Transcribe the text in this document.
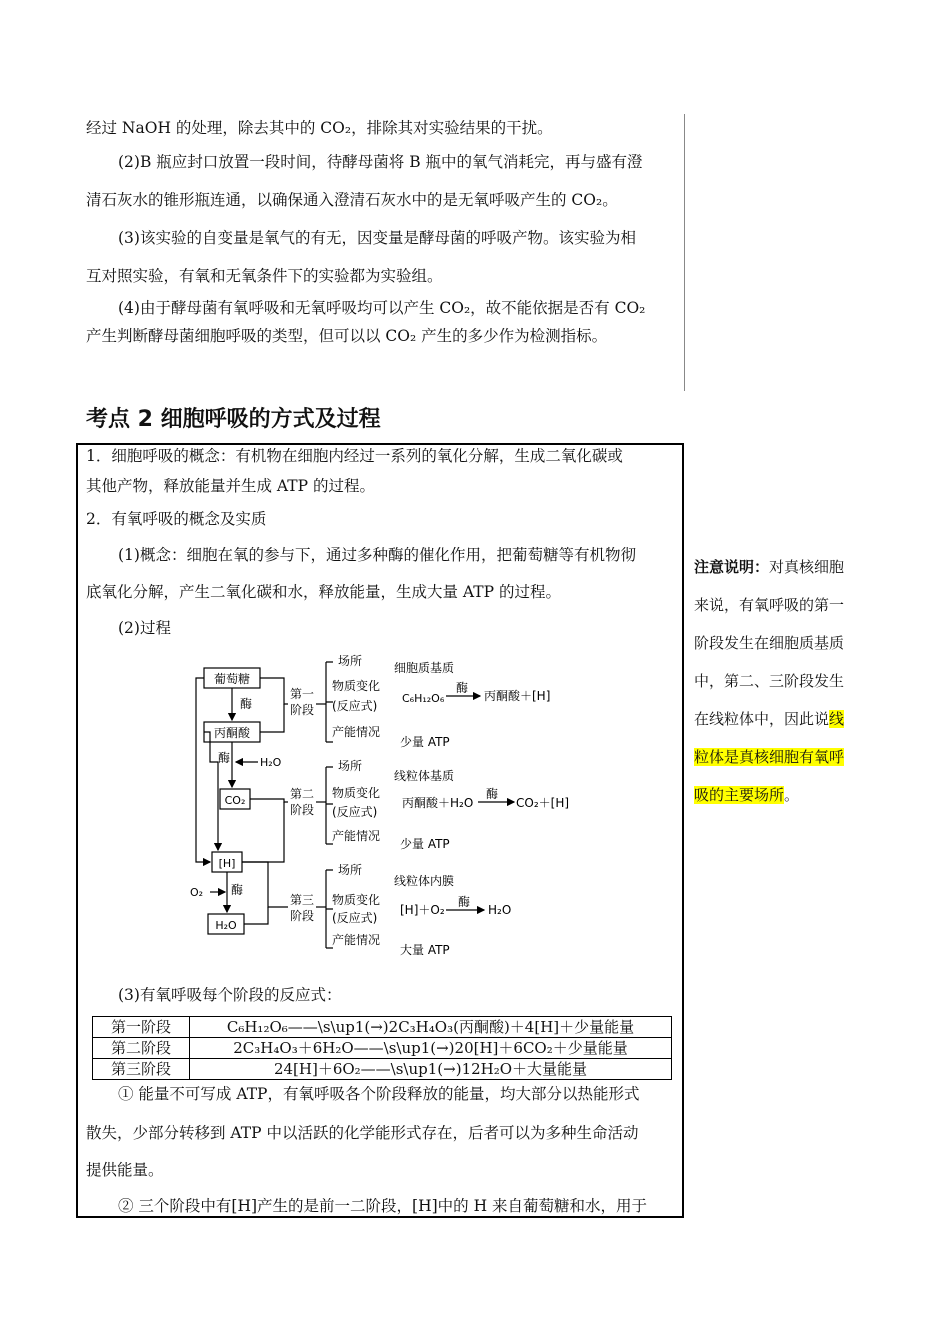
经过 NaOH 的处理，除去其中的 CO₂，排除其对实验结果的干扰。
(2)B 瓶应封口放置一段时间，待酵母菌将 B 瓶中的氧气消耗完，再与盛有澄
清石灰水的锥形瓶连通，以确保通入澄清石灰水中的是无氧呼吸产生的 CO₂。
(3)该实验的自变量是氧气的有无，因变量是酵母菌的呼吸产物。该实验为相
互对照实验，有氧和无氧条件下的实验都为实验组。
(4)由于酵母菌有氧呼吸和无氧呼吸均可以产生 CO₂，故不能依据是否有 CO₂
产生判断酵母菌细胞呼吸的类型，但可以以 CO₂ 产生的多少作为检测指标。
考点 2 细胞呼吸的方式及过程
1．细胞呼吸的概念：有机物在细胞内经过一系列的氧化分解，生成二氧化碳或
其他产物，释放能量并生成 ATP 的过程。
2．有氧呼吸的概念及实质
(1)概念：细胞在氧的参与下，通过多种酶的催化作用，把葡萄糖等有机物彻
底氧化分解，产生二氧化碳和水，释放能量，生成大量 ATP 的过程。
(2)过程
葡萄糖
丙酮酸
CO₂
[H]
H₂O
酶
酶
酶
H₂O
O₂
第一
阶段
第二
阶段
第三
阶段
场所
物质变化
(反应式)
产能情况
细胞质基质
C₆H₁₂O₆
酶
丙酮酸＋[H]
少量 ATP
场所
物质变化
(反应式)
产能情况
线粒体基质
丙酮酸＋H₂O
酶
CO₂＋[H]
少量 ATP
场所
物质变化
(反应式)
产能情况
线粒体内膜
[H]＋O₂
酶
H₂O
大量 ATP
(3)有氧呼吸每个阶段的反应式：
第一阶段	C₆H₁₂O₆——\s\up1(→)2C₃H₄O₃(丙酮酸)＋4[H]＋少量能量
第二阶段	2C₃H₄O₃＋6H₂O——\s\up1(→)20[H]＋6CO₂＋少量能量
第三阶段	24[H]＋6O₂——\s\up1(→)12H₂O＋大量能量
① 能量不可写成 ATP，有氧呼吸各个阶段释放的能量，均大部分以热能形式
散失，少部分转移到 ATP 中以活跃的化学能形式存在，后者可以为多种生命活动
提供能量。
② 三个阶段中有[H]产生的是前一二阶段，[H]中的 H 来自葡萄糖和水，用于
注意说明：对真核细胞
来说，有氧呼吸的第一
阶段发生在细胞质基质
中，第二、三阶段发生
在线粒体中，因此说线
粒体是真核细胞有氧呼
吸的主要场所。
